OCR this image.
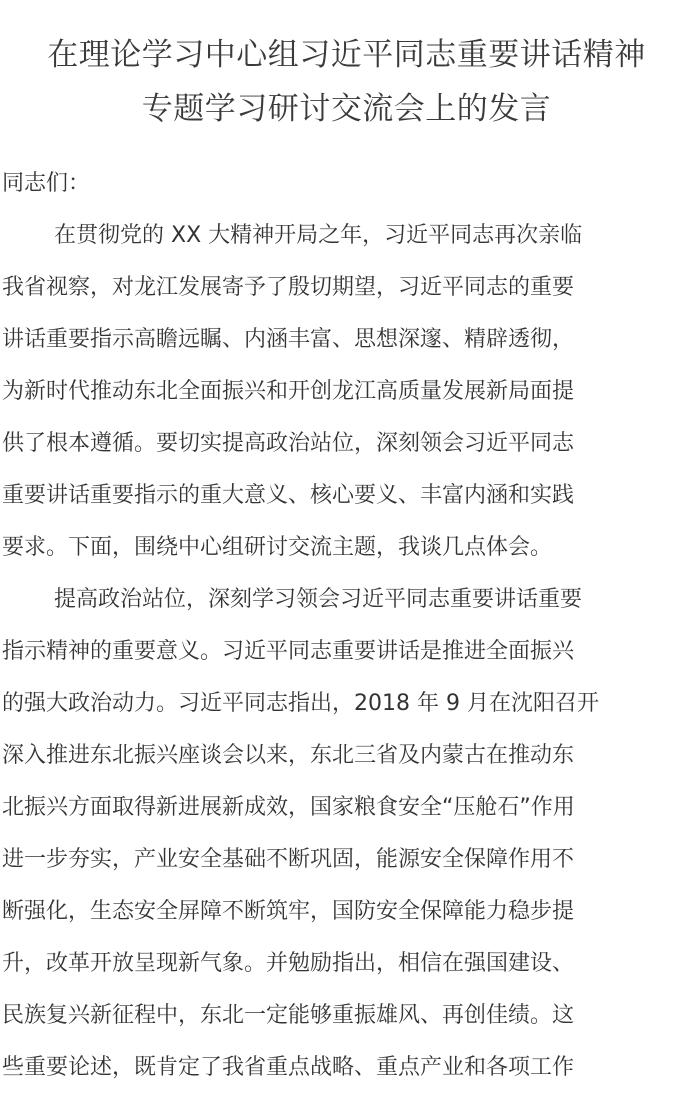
在理论学习中心组习近平同志重要讲话精神
专题学习研讨交流会上的发言

同志们：

在贯彻党的 XX 大精神开局之年，习近平同志再次亲临
我省视察，对龙江发展寄予了殷切期望，习近平同志的重要
讲话重要指示高瞻远瞩、内涵丰富、思想深邃、精辟透彻，
为新时代推动东北全面振兴和开创龙江高质量发展新局面提
供了根本遵循。要切实提高政治站位，深刻领会习近平同志
重要讲话重要指示的重大意义、核心要义、丰富内涵和实践
要求。下面，围绕中心组研讨交流主题，我谈几点体会。
提高政治站位，深刻学习领会习近平同志重要讲话重要
指示精神的重要意义。习近平同志重要讲话是推进全面振兴
的强大政治动力。习近平同志指出，2018 年 9 月在沈阳召开
深入推进东北振兴座谈会以来，东北三省及内蒙古在推动东
北振兴方面取得新进展新成效，国家粮食安全“压舱石”作用
进一步夯实，产业安全基础不断巩固，能源安全保障作用不
断强化，生态安全屏障不断筑牢，国防安全保障能力稳步提
升，改革开放呈现新气象。并勉励指出，相信在强国建设、
民族复兴新征程中，东北一定能够重振雄风、再创佳绩。这
些重要论述，既肯定了我省重点战略、重点产业和各项工作
